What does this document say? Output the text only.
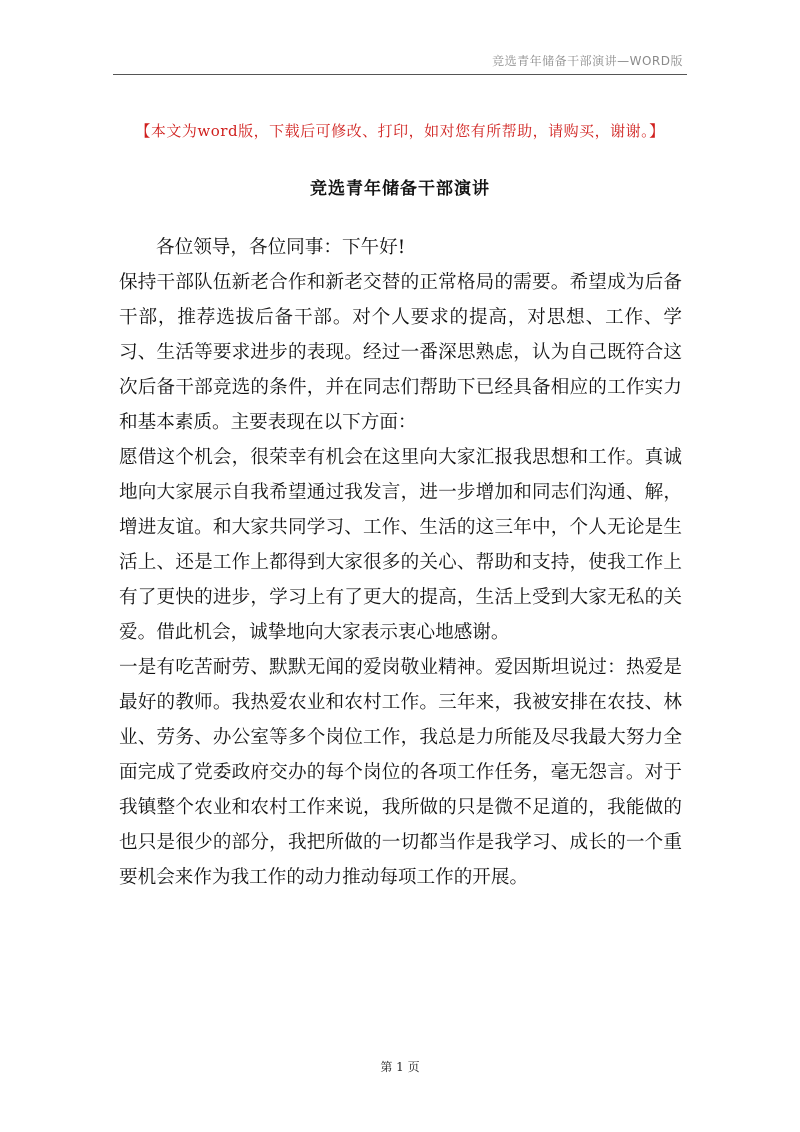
竞选青年储备干部演讲—WORD版
【本文为word版，下载后可修改、打印，如对您有所帮助，请购买，谢谢。】
竞选青年储备干部演讲

各位领导，各位同事：下午好!

保持干部队伍新老合作和新老交替的正常格局的需要。希望成为后备干部，推荐选拔后备干部。对个人要求的提高，对思想、工作、学习、生活等要求进步的表现。经过一番深思熟虑，认为自己既符合这次后备干部竞选的条件，并在同志们帮助下已经具备相应的工作实力和基本素质。主要表现在以下方面：

愿借这个机会，很荣幸有机会在这里向大家汇报我思想和工作。真诚地向大家展示自我希望通过我发言，进一步增加和同志们沟通、解，增进友谊。和大家共同学习、工作、生活的这三年中，个人无论是生活上、还是工作上都得到大家很多的关心、帮助和支持，使我工作上有了更快的进步，学习上有了更大的提高，生活上受到大家无私的关爱。借此机会，诚挚地向大家表示衷心地感谢。

一是有吃苦耐劳、默默无闻的爱岗敬业精神。爱因斯坦说过：热爱是最好的教师。我热爱农业和农村工作。三年来，我被安排在农技、林业、劳务、办公室等多个岗位工作，我总是力所能及尽我最大努力全面完成了党委政府交办的每个岗位的各项工作任务，毫无怨言。对于我镇整个农业和农村工作来说，我所做的只是微不足道的，我能做的也只是很少的部分，我把所做的一切都当作是我学习、成长的一个重要机会来作为我工作的动力推动每项工作的开展。

第 1 页
